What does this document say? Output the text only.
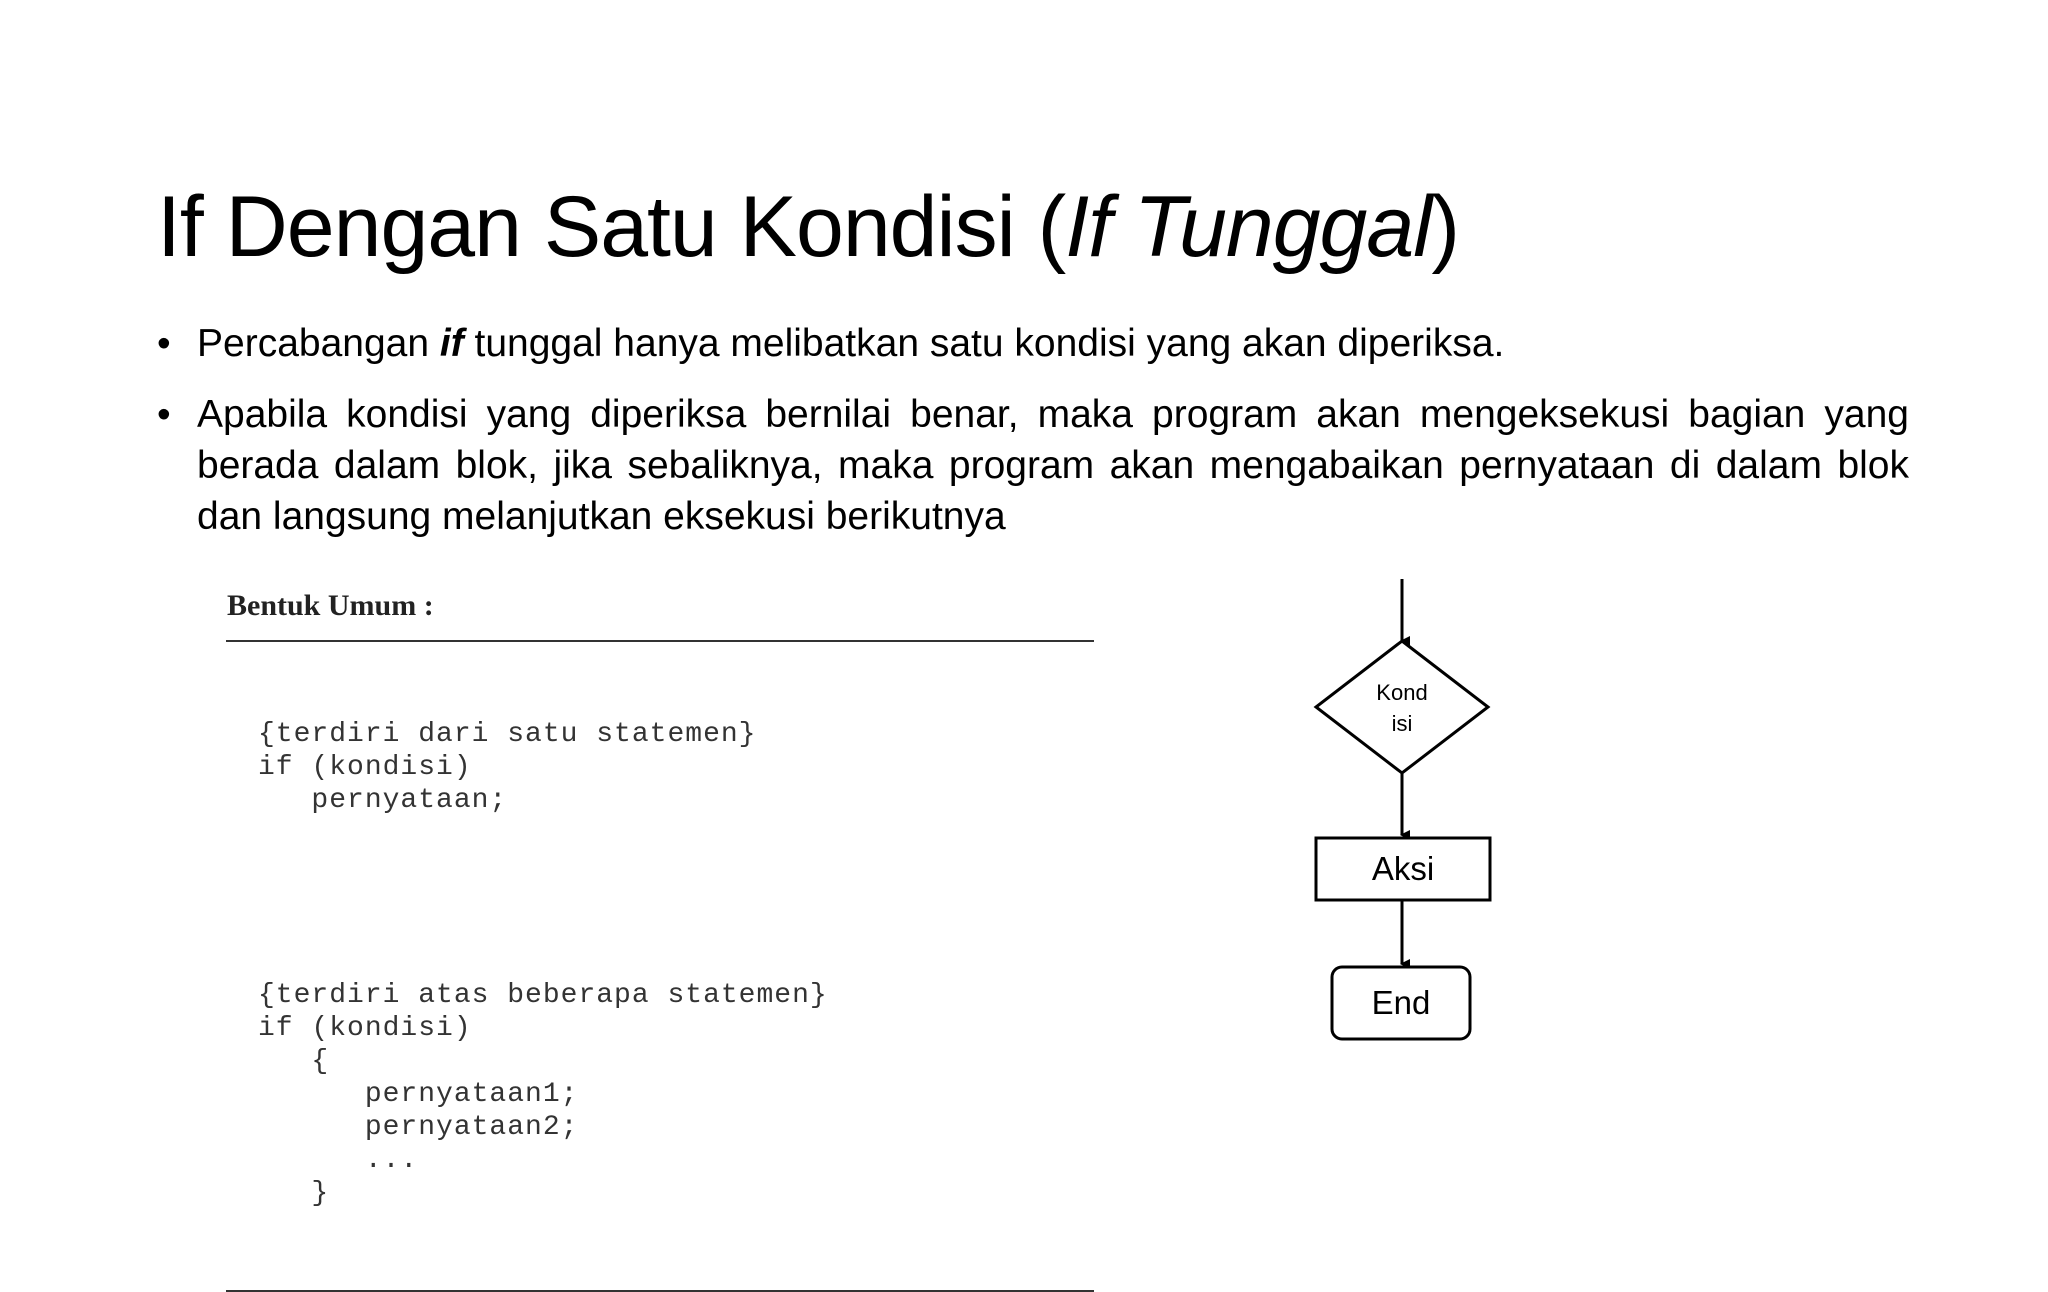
If Dengan Satu Kondisi (If Tunggal)
• Percabangan if tunggal hanya melibatkan satu kondisi yang akan diperiksa.
• Apabila kondisi yang diperiksa bernilai benar, maka program akan mengeksekusi bagian yang berada dalam blok, jika sebaliknya, maka program akan mengabaikan pernyataan di dalam blok dan langsung melanjutkan eksekusi berikutnya
Bentuk Umum :

{terdiri dari satu statemen}
if (kondisi)
pernyataan;

{terdiri atas beberapa statemen}
if (kondisi)
{
pernyataan1;
pernyataan2;
...
}

Kond
isi
Aksi
End
